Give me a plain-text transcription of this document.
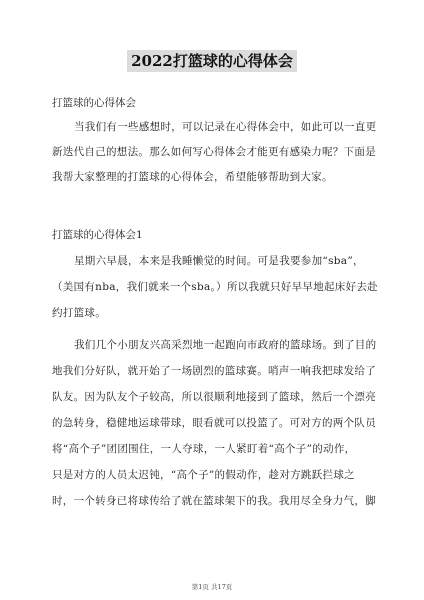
2022打篮球的心得体会
打篮球的心得体会
当我们有一些感想时，可以记录在心得体会中，如此可以一直更
新迭代自己的想法。那么如何写心得体会才能更有感染力呢？下面是
我帮大家整理的打篮球的心得体会，希望能够帮助到大家。
打篮球的心得体会1
星期六早晨，本来是我睡懒觉的时间。可是我要参加“sba”，
（美国有nba，我们就来一个sba。）所以我就只好早早地起床好去赴
约打篮球。
我们几个小朋友兴高采烈地一起跑向市政府的篮球场。到了目的
地我们分好队，就开始了一场剧烈的篮球赛。哨声一响我把球发给了
队友。因为队友个子较高，所以很顺利地接到了篮球，然后一个漂亮
的急转身，稳健地运球带球，眼看就可以投篮了。可对方的两个队员
将“高个子”团团围住，一人夺球，一人紧盯着“高个子”的动作，
只是对方的人员太迟钝，“高个子”的假动作，趁对方跳跃拦球之
时，一个转身已将球传给了就在篮球架下的我。我用尽全身力气，脚
第1页 共17页
